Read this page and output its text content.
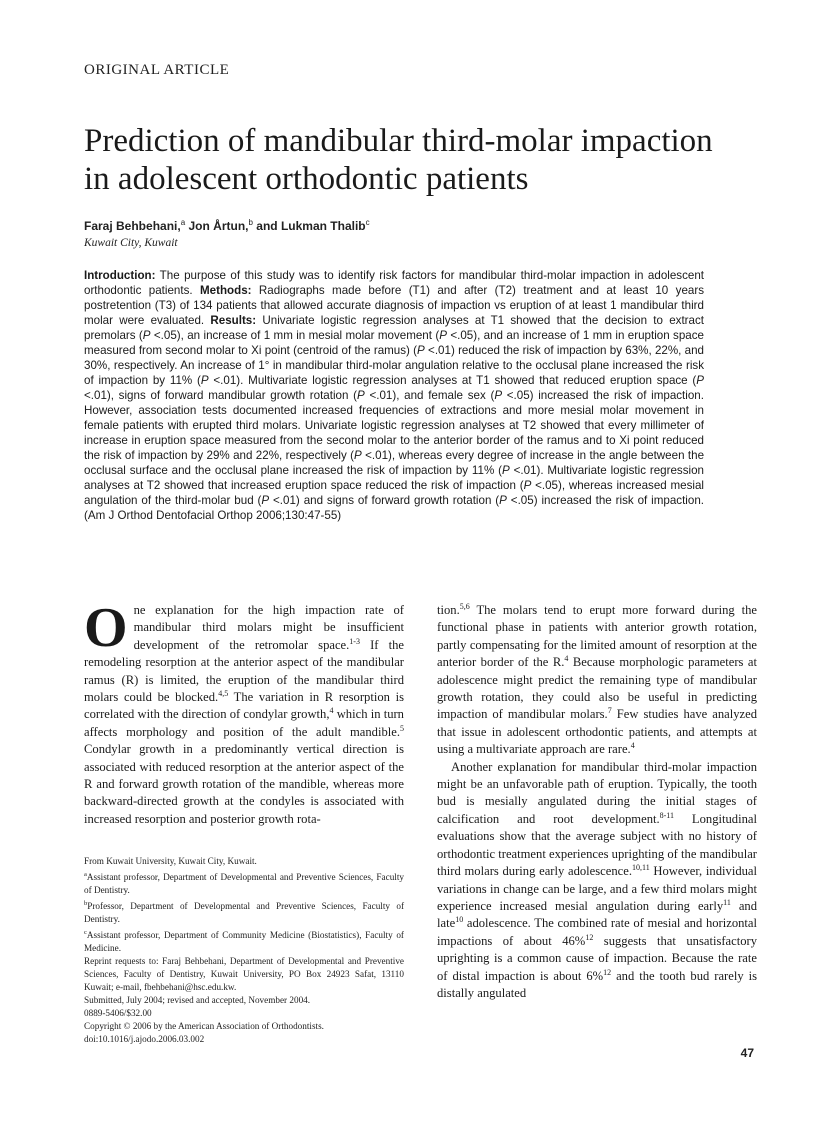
ORIGINAL ARTICLE
Prediction of mandibular third-molar impaction
in adolescent orthodontic patients
Faraj Behbehani,$^a$ Jon Årtun,$^b$ and Lukman Thalib$^c$
Kuwait City, Kuwait

Introduction: The purpose of this study was to identify risk factors for mandibular third-molar impaction in adolescent orthodontic patients. Methods: Radiographs made before (T1) and after (T2) treatment and at least 10 years postretention (T3) of 134 patients that allowed accurate diagnosis of impaction vs eruption of at least 1 mandibular third molar were evaluated. Results: Univariate logistic regression analyses at T1 showed that the decision to extract premolars (P <.05), an increase of 1 mm in mesial molar movement (P <.05), and an increase of 1 mm in eruption space measured from second molar to Xi point (centroid of the ramus) (P <.01) reduced the risk of impaction by 63%, 22%, and 30%, respectively. An increase of 1° in mandibular third-molar angulation relative to the occlusal plane increased the risk of impaction by 11% (P <.01). Multivariate logistic regression analyses at T1 showed that reduced eruption space (P <.01), signs of forward mandibular growth rotation (P <.01), and female sex (P <.05) increased the risk of impaction. However, association tests documented increased frequencies of extractions and more mesial molar movement in female patients with erupted third molars. Univariate logistic regression analyses at T2 showed that every millimeter of increase in eruption space measured from the second molar to the anterior border of the ramus and to Xi point reduced the risk of impaction by 29% and 22%, respectively (P <.01), whereas every degree of increase in the angle between the occlusal surface and the occlusal plane increased the risk of impaction by 11% (P <.01). Multivariate logistic regression analyses at T2 showed that increased eruption space reduced the risk of impaction (P <.05), whereas increased mesial angulation of the third-molar bud (P <.01) and signs of forward growth rotation (P <.05) increased the risk of impaction. (Am J Orthod Dentofacial Orthop 2006;130:47-55)

One explanation for the high impaction rate of mandibular third molars might be insufficient development of the retromolar space.$^{1-3}$ If the remodeling resorption at the anterior aspect of the mandibular ramus (R) is limited, the eruption of the mandibular third molars could be blocked.$^{4,5}$ The variation in R resorption is correlated with the direction of condylar growth,$^4$ which in turn affects morphology and position of the adult mandible.$^5$ Condylar growth in a predominantly vertical direction is associated with reduced resorption at the anterior aspect of the R and forward growth rotation of the mandible, whereas more backward-directed growth at the condyles is associated with increased resorption and posterior growth rota-

From Kuwait University, Kuwait City, Kuwait.
$^a$Assistant professor, Department of Developmental and Preventive Sciences, Faculty of Dentistry.
$^b$Professor, Department of Developmental and Preventive Sciences, Faculty of Dentistry.
$^c$Assistant professor, Department of Community Medicine (Biostatistics), Faculty of Medicine.
Reprint requests to: Faraj Behbehani, Department of Developmental and Preventive Sciences, Faculty of Dentistry, Kuwait University, PO Box 24923 Safat, 13110 Kuwait; e-mail, fbehbehani@hsc.edu.kw.
Submitted, July 2004; revised and accepted, November 2004.
0889-5406/$32.00
Copyright © 2006 by the American Association of Orthodontists.
doi:10.1016/j.ajodo.2006.03.002

tion.$^{5,6}$ The molars tend to erupt more forward during the functional phase in patients with anterior growth rotation, partly compensating for the limited amount of resorption at the anterior border of the R.$^4$ Because morphologic parameters at adolescence might predict the remaining type of mandibular growth rotation, they could also be useful in predicting impaction of mandibular molars.$^7$ Few studies have analyzed that issue in adolescent orthodontic patients, and attempts at using a multivariate approach are rare.$^4$

Another explanation for mandibular third-molar impaction might be an unfavorable path of eruption. Typically, the tooth bud is mesially angulated during the initial stages of calcification and root development.$^{8-11}$ Longitudinal evaluations show that the average subject with no history of orthodontic treatment experiences uprighting of the mandibular third molars during early adolescence.$^{10,11}$ However, individual variations in change can be large, and a few third molars might experience increased mesial angulation during early$^{11}$ and late$^{10}$ adolescence. The combined rate of mesial and horizontal impactions of about 46%$^{12}$ suggests that unsatisfactory uprighting is a common cause of impaction. Because the rate of distal impaction is about 6%$^{12}$ and the tooth bud rarely is distally angulated

47
